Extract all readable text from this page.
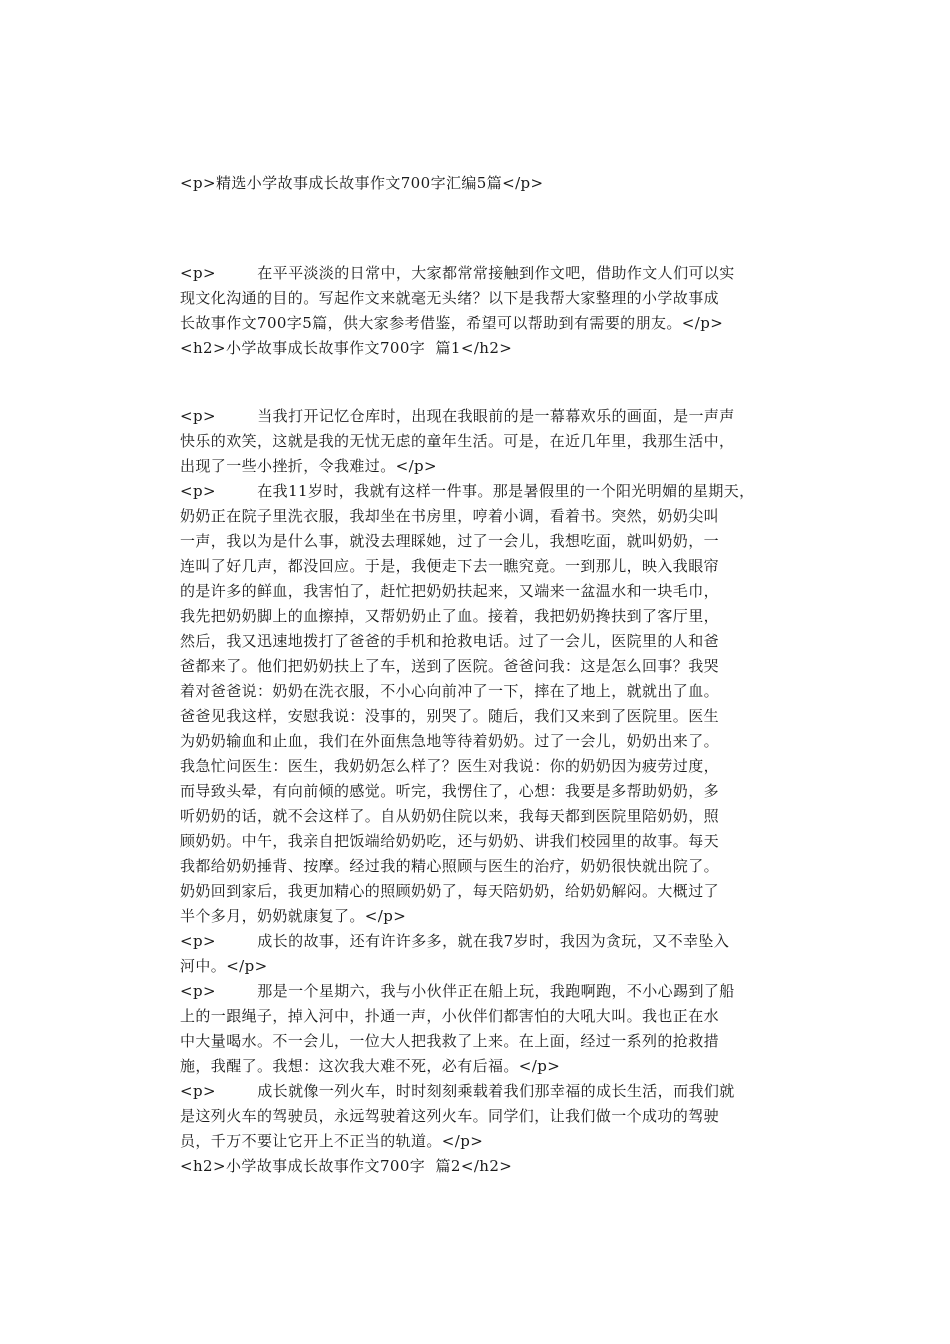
<p>精选小学故事成长故事作文700字汇编5篇</p>
<p>        在平平淡淡的日常中，大家都常常接触到作文吧，借助作文人们可以实
现文化沟通的目的。写起作文来就毫无头绪？以下是我帮大家整理的小学故事成
长故事作文700字5篇，供大家参考借鉴，希望可以帮助到有需要的朋友。</p>
<h2>小学故事成长故事作文700字  篇1</h2>
<p>        当我打开记忆仓库时，出现在我眼前的是一幕幕欢乐的画面，是一声声
快乐的欢笑，这就是我的无忧无虑的童年生活。可是，在近几年里，我那生活中，
出现了一些小挫折，令我难过。</p>
<p>        在我11岁时，我就有这样一件事。那是暑假里的一个阳光明媚的星期天，
奶奶正在院子里洗衣服，我却坐在书房里，哼着小调，看着书。突然，奶奶尖叫
一声，我以为是什么事，就没去理睬她，过了一会儿，我想吃面，就叫奶奶，一
连叫了好几声，都没回应。于是，我便走下去一瞧究竟。一到那儿，映入我眼帘
的是许多的鲜血，我害怕了，赶忙把奶奶扶起来，又端来一盆温水和一块毛巾，
我先把奶奶脚上的血擦掉，又帮奶奶止了血。接着，我把奶奶搀扶到了客厅里，
然后，我又迅速地拨打了爸爸的手机和抢救电话。过了一会儿，医院里的人和爸
爸都来了。他们把奶奶扶上了车，送到了医院。爸爸问我：这是怎么回事？我哭
着对爸爸说：奶奶在洗衣服，不小心向前冲了一下，摔在了地上，就就出了血。
爸爸见我这样，安慰我说：没事的，别哭了。随后，我们又来到了医院里。医生
为奶奶输血和止血，我们在外面焦急地等待着奶奶。过了一会儿，奶奶出来了。
我急忙问医生：医生，我奶奶怎么样了？医生对我说：你的奶奶因为疲劳过度，
而导致头晕，有向前倾的感觉。听完，我愣住了，心想：我要是多帮助奶奶，多
听奶奶的话，就不会这样了。自从奶奶住院以来，我每天都到医院里陪奶奶，照
顾奶奶。中午，我亲自把饭端给奶奶吃，还与奶奶、讲我们校园里的故事。每天
我都给奶奶捶背、按摩。经过我的精心照顾与医生的治疗，奶奶很快就出院了。
奶奶回到家后，我更加精心的照顾奶奶了，每天陪奶奶，给奶奶解闷。大概过了
半个多月，奶奶就康复了。</p>
<p>        成长的故事，还有许许多多，就在我7岁时，我因为贪玩，又不幸坠入
河中。</p>
<p>        那是一个星期六，我与小伙伴正在船上玩，我跑啊跑，不小心踢到了船
上的一跟绳子，掉入河中，扑通一声，小伙伴们都害怕的大吼大叫。我也正在水
中大量喝水。不一会儿，一位大人把我救了上来。在上面，经过一系列的抢救措
施，我醒了。我想：这次我大难不死，必有后福。</p>
<p>        成长就像一列火车，时时刻刻乘载着我们那幸福的成长生活，而我们就
是这列火车的驾驶员，永远驾驶着这列火车。同学们，让我们做一个成功的驾驶
员，千万不要让它开上不正当的轨道。</p>
<h2>小学故事成长故事作文700字  篇2</h2>
